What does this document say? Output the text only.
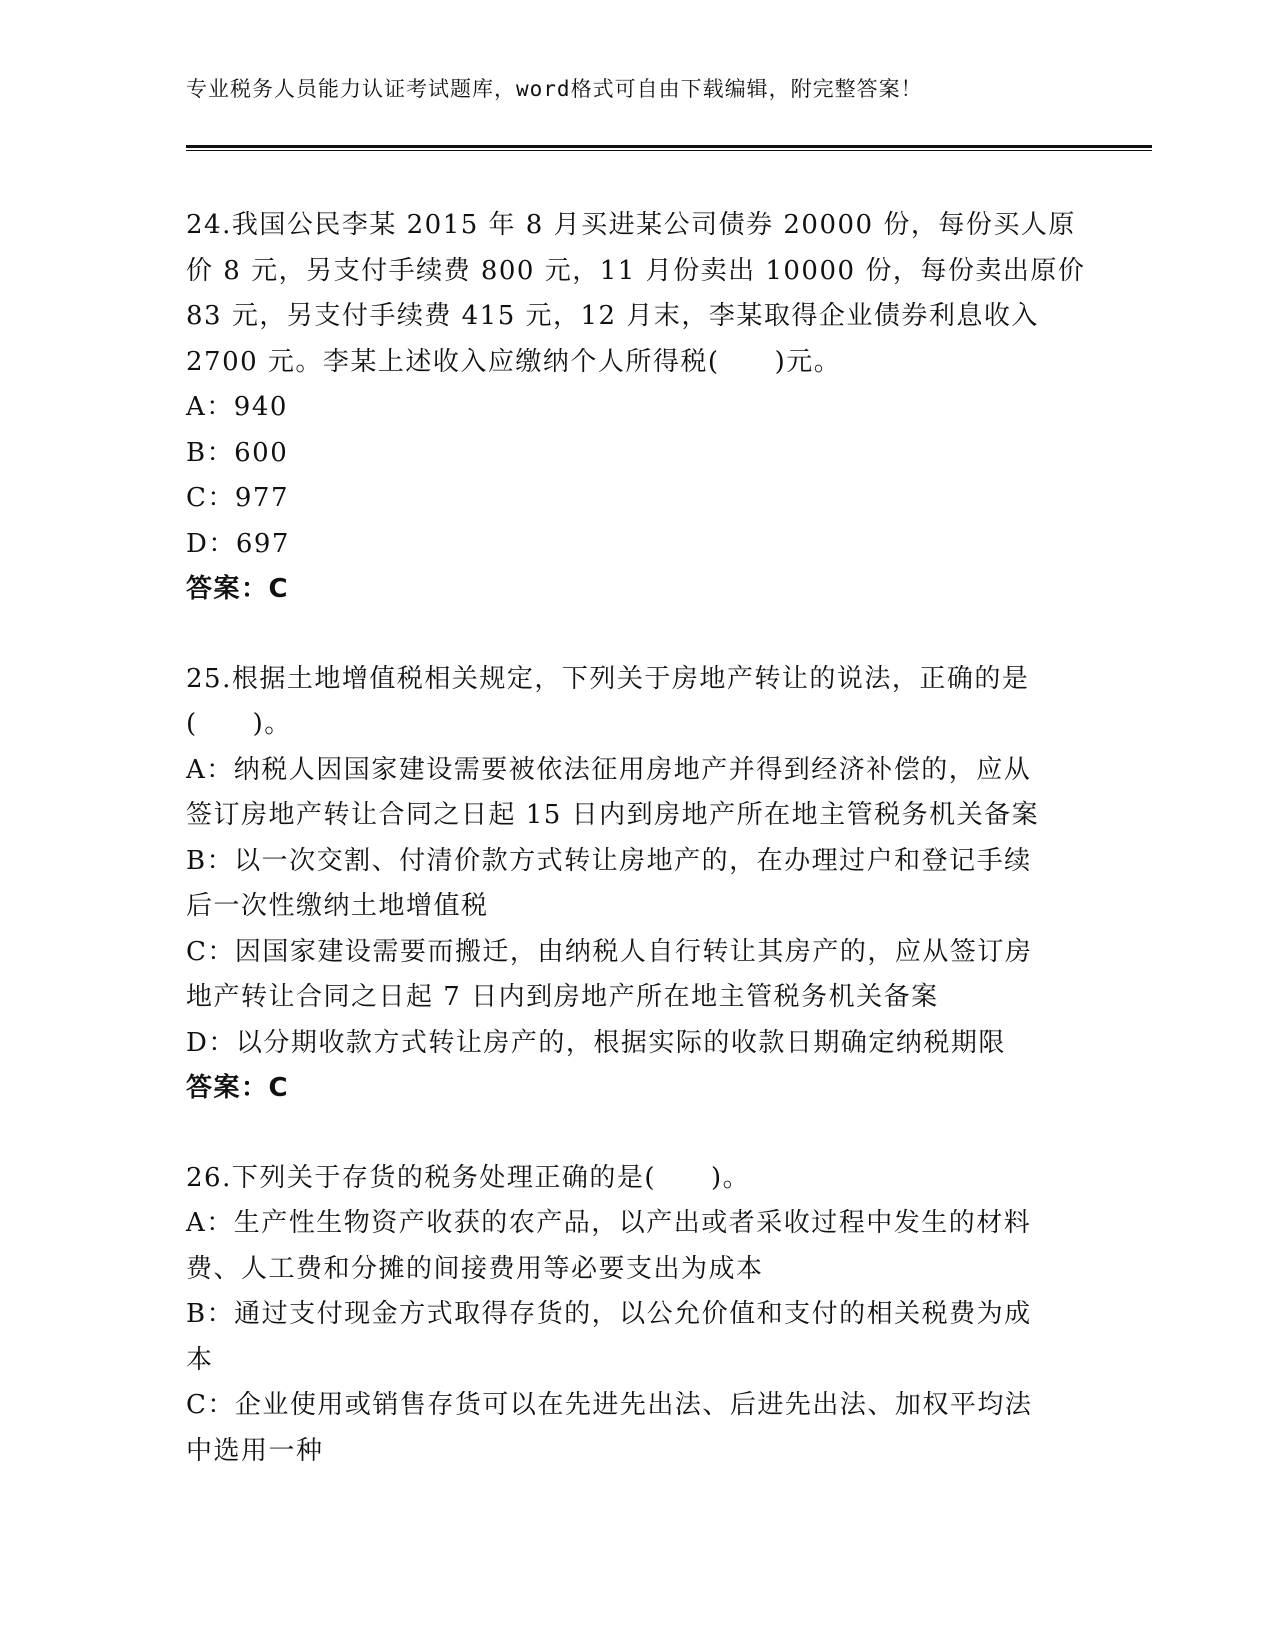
专业税务人员能力认证考试题库，word格式可自由下载编辑，附完整答案！
24.我国公民李某 2015 年 8 月买进某公司债券 20000 份，每份买人原
价 8 元，另支付手续费 800 元，11 月份卖出 10000 份，每份卖出原价
83 元，另支付手续费 415 元，12 月末，李某取得企业债券利息收入
2700 元。李某上述收入应缴纳个人所得税(　　)元。
A：940
B：600
C：977
D：697
答案：C
25.根据土地增值税相关规定，下列关于房地产转让的说法，正确的是
(　　)。
A：纳税人因国家建设需要被依法征用房地产并得到经济补偿的，应从
签订房地产转让合同之日起 15 日内到房地产所在地主管税务机关备案
B：以一次交割、付清价款方式转让房地产的，在办理过户和登记手续
后一次性缴纳土地增值税
C：因国家建设需要而搬迁，由纳税人自行转让其房产的，应从签订房
地产转让合同之日起 7 日内到房地产所在地主管税务机关备案
D：以分期收款方式转让房产的，根据实际的收款日期确定纳税期限
答案：C
26.下列关于存货的税务处理正确的是(　　)。
A：生产性生物资产收获的农产品，以产出或者采收过程中发生的材料
费、人工费和分摊的间接费用等必要支出为成本
B：通过支付现金方式取得存货的，以公允价值和支付的相关税费为成
本
C：企业使用或销售存货可以在先进先出法、后进先出法、加权平均法
中选用一种
